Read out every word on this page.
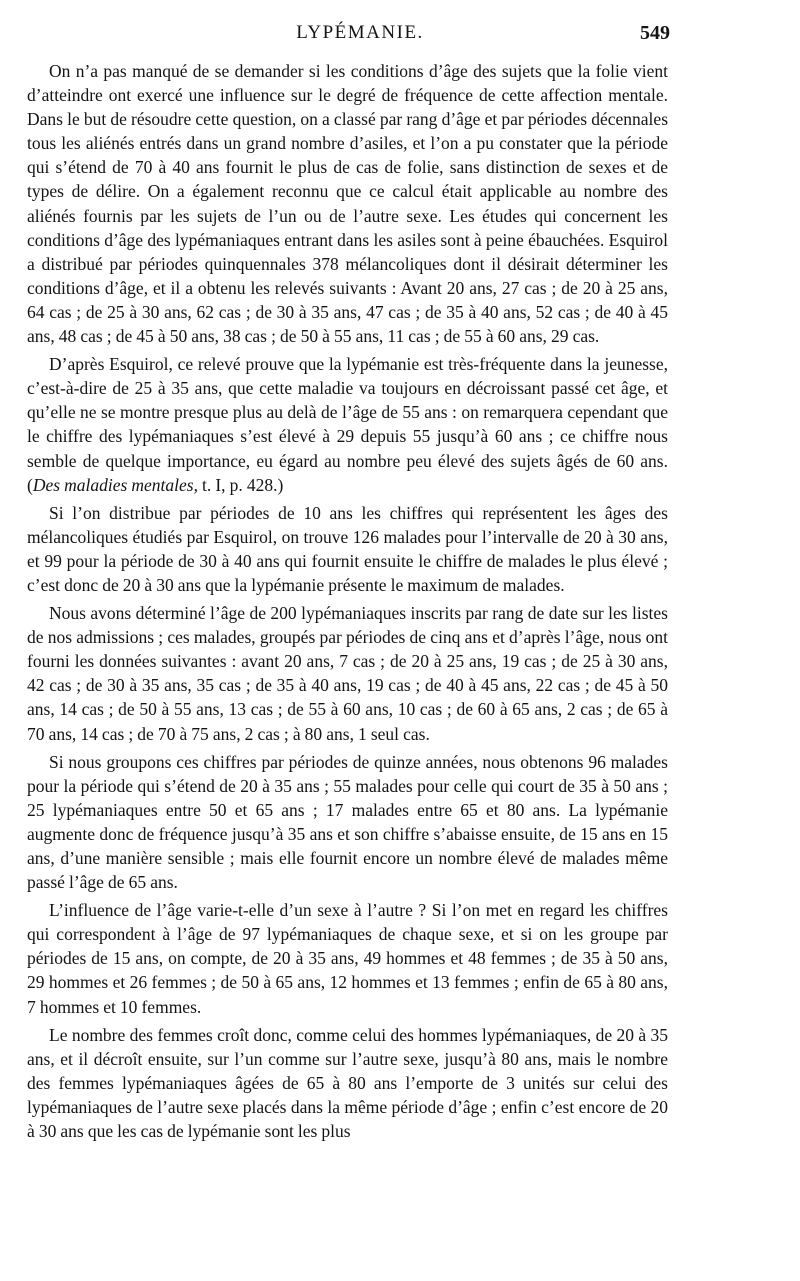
LYPÉMANIE.	549

On n’a pas manqué de se demander si les conditions d’âge des sujets que la folie vient d’atteindre ont exercé une influence sur le degré de fréquence de cette affection mentale. Dans le but de résoudre cette question, on a classé par rang d’âge et par périodes décennales tous les aliénés entrés dans un grand nombre d’asiles, et l’on a pu constater que la période qui s’étend de 70 à 40 ans fournit le plus de cas de folie, sans distinction de sexes et de types de délire. On a également reconnu que ce calcul était applicable au nombre des aliénés fournis par les sujets de l’un ou de l’autre sexe. Les études qui concernent les conditions d’âge des lypémaniaques entrant dans les asiles sont à peine ébauchées. Esquirol a distribué par périodes quinquennales 378 mélancoliques dont il désirait déterminer les conditions d’âge, et il a obtenu les relevés suivants : Avant 20 ans, 27 cas ; de 20 à 25 ans, 64 cas ; de 25 à 30 ans, 62 cas ; de 30 à 35 ans, 47 cas ; de 35 à 40 ans, 52 cas ; de 40 à 45 ans, 48 cas ; de 45 à 50 ans, 38 cas ; de 50 à 55 ans, 11 cas ; de 55 à 60 ans, 29 cas.

D’après Esquirol, ce relevé prouve que la lypémanie est très-fréquente dans la jeunesse, c’est-à-dire de 25 à 35 ans, que cette maladie va toujours en décroissant passé cet âge, et qu’elle ne se montre presque plus au delà de l’âge de 55 ans : on remarquera cependant que le chiffre des lypémaniaques s’est élevé à 29 depuis 55 jusqu’à 60 ans ; ce chiffre nous semble de quelque importance, eu égard au nombre peu élevé des sujets âgés de 60 ans. (Des maladies mentales, t. I, p. 428.)

Si l’on distribue par périodes de 10 ans les chiffres qui représentent les âges des mélancoliques étudiés par Esquirol, on trouve 126 malades pour l’intervalle de 20 à 30 ans, et 99 pour la période de 30 à 40 ans qui fournit ensuite le chiffre de malades le plus élevé ; c’est donc de 20 à 30 ans que la lypémanie présente le maximum de malades.

Nous avons déterminé l’âge de 200 lypémaniaques inscrits par rang de date sur les listes de nos admissions ; ces malades, groupés par périodes de cinq ans et d’après l’âge, nous ont fourni les données suivantes : avant 20 ans, 7 cas ; de 20 à 25 ans, 19 cas ; de 25 à 30 ans, 42 cas ; de 30 à 35 ans, 35 cas ; de 35 à 40 ans, 19 cas ; de 40 à 45 ans, 22 cas ; de 45 à 50 ans, 14 cas ; de 50 à 55 ans, 13 cas ; de 55 à 60 ans, 10 cas ; de 60 à 65 ans, 2 cas ; de 65 à 70 ans, 14 cas ; de 70 à 75 ans, 2 cas ; à 80 ans, 1 seul cas.

Si nous groupons ces chiffres par périodes de quinze années, nous obtenons 96 malades pour la période qui s’étend de 20 à 35 ans ; 55 malades pour celle qui court de 35 à 50 ans ; 25 lypémaniaques entre 50 et 65 ans ; 17 malades entre 65 et 80 ans. La lypémanie augmente donc de fréquence jusqu’à 35 ans et son chiffre s’abaisse ensuite, de 15 ans en 15 ans, d’une manière sensible ; mais elle fournit encore un nombre élevé de malades même passé l’âge de 65 ans.

L’influence de l’âge varie-t-elle d’un sexe à l’autre ? Si l’on met en regard les chiffres qui correspondent à l’âge de 97 lypémaniaques de chaque sexe, et si on les groupe par périodes de 15 ans, on compte, de 20 à 35 ans, 49 hommes et 48 femmes ; de 35 à 50 ans, 29 hommes et 26 femmes ; de 50 à 65 ans, 12 hommes et 13 femmes ; enfin de 65 à 80 ans, 7 hommes et 10 femmes.

Le nombre des femmes croît donc, comme celui des hommes lypémaniaques, de 20 à 35 ans, et il décroît ensuite, sur l’un comme sur l’autre sexe, jusqu’à 80 ans, mais le nombre des femmes lypémaniaques âgées de 65 à 80 ans l’emporte de 3 unités sur celui des lypémaniaques de l’autre sexe placés dans la même période d’âge ; enfin c’est encore de 20 à 30 ans que les cas de lypémanie sont les plus
